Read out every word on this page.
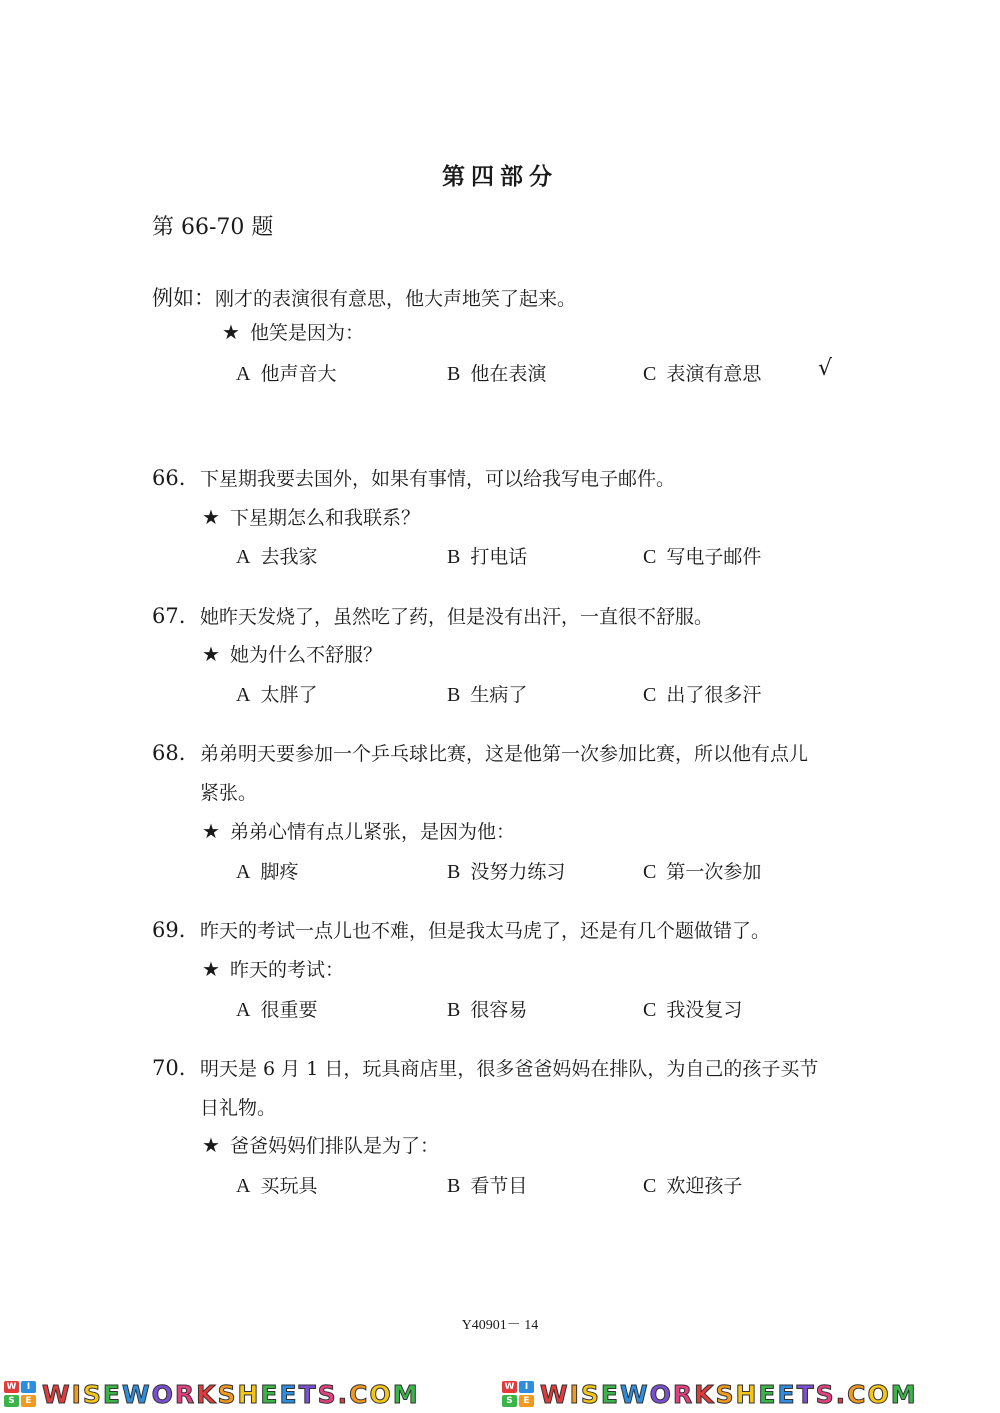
第四部分
第 66-70 题
例如：刚才的表演很有意思，他大声地笑了起来。
★ 他笑是因为：
A 他声音大	B 他在表演	C 表演有意思	√
66. 下星期我要去国外，如果有事情，可以给我写电子邮件。
★ 下星期怎么和我联系？
A 去我家	B 打电话	C 写电子邮件
67. 她昨天发烧了，虽然吃了药，但是没有出汗，一直很不舒服。
★ 她为什么不舒服？
A 太胖了	B 生病了	C 出了很多汗
68. 弟弟明天要参加一个乒乓球比赛，这是他第一次参加比赛，所以他有点儿
紧张。
★ 弟弟心情有点儿紧张，是因为他：
A 脚疼	B 没努力练习	C 第一次参加
69. 昨天的考试一点儿也不难，但是我太马虎了，还是有几个题做错了。
★ 昨天的考试：
A 很重要	B 很容易	C 我没复习
70. 明天是 6 月 1 日，玩具商店里，很多爸爸妈妈在排队，为自己的孩子买节
日礼物。
★ 爸爸妈妈们排队是为了：
A 买玩具	B 看节目	C 欢迎孩子
Y40901－ 14
W	I
S	E WISEWORKSHEETS.COM	W	I
S	E WISEWORKSHEETS.COM
